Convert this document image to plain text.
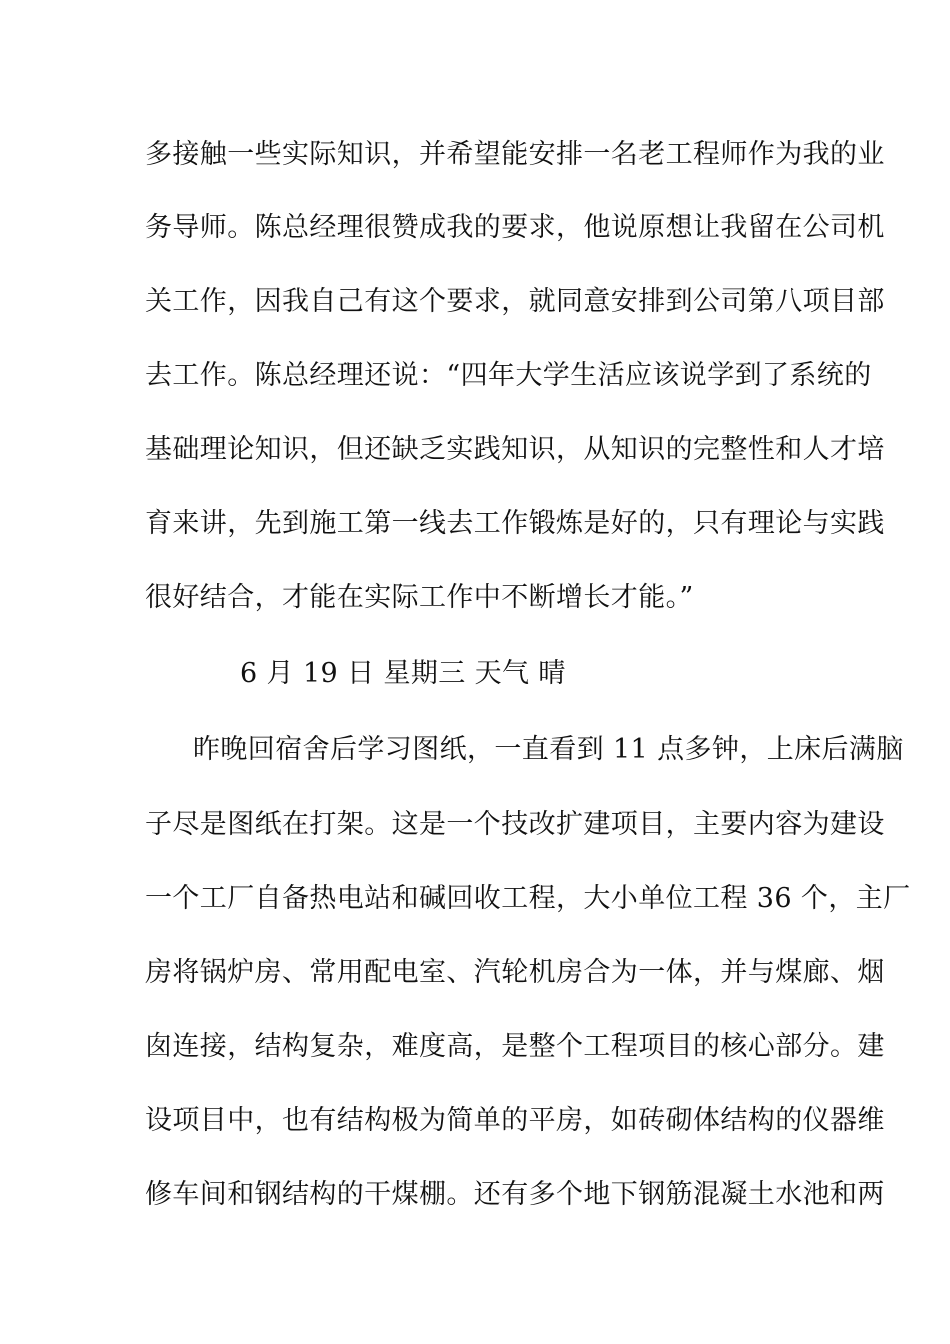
多接触一些实际知识，并希望能安排一名老工程师作为我的业
务导师。陈总经理很赞成我的要求，他说原想让我留在公司机
关工作，因我自己有这个要求，就同意安排到公司第八项目部
去工作。陈总经理还说：“四年大学生活应该说学到了系统的
基础理论知识，但还缺乏实践知识，从知识的完整性和人才培
育来讲，先到施工第一线去工作锻炼是好的，只有理论与实践
很好结合，才能在实际工作中不断增长才能。”
6 月 19 日 星期三 天气 晴
昨晚回宿舍后学习图纸，一直看到 11 点多钟，上床后满脑
子尽是图纸在打架。这是一个技改扩建项目，主要内容为建设
一个工厂自备热电站和碱回收工程，大小单位工程 36 个，主厂
房将锅炉房、常用配电室、汽轮机房合为一体，并与煤廊、烟
囱连接，结构复杂，难度高，是整个工程项目的核心部分。建
设项目中，也有结构极为简单的平房，如砖砌体结构的仪器维
修车间和钢结构的干煤棚。还有多个地下钢筋混凝土水池和两
